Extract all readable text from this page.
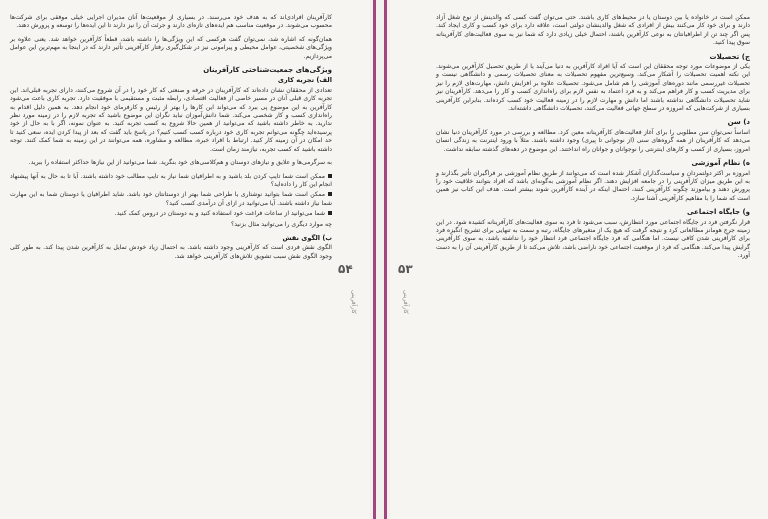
کارآفرینان افرادی‌اند که به هدف خود می‌رسند. در بسیاری از موقعیت‌ها آنان مدیران اجرایی خیلی موفقی برای شرکت‌ها محسوب می‌شوند. در موقعیت مناسب هم ایده‌های تازه‌ای دارند و جرئت آن را نیز دارند تا این ایده‌ها را توسعه و پرورش دهند.

همان‌گونه که اشاره شد، نمی‌توان گفت هرکسی که این ویژگی‌ها را داشته باشد، قطعاً کارآفرین خواهد شد. یعنی علاوه بر ویژگی‌های شخصیتی، عوامل محیطی و پیرامونی نیز در شکل‌گیری رفتار کارآفرینی تأثیر دارند که در اینجا به مهم‌ترین این عوامل می‌پردازیم.

ویژگی‌های جمعیت‌شناختی کارآفرینان
الف) تجربه کاری

تعدادی از محققان نشان داده‌اند که کارآفرینان در حرفه و صنعتی که کار خود را در آن شروع می‌کنند، دارای تجربه قبلی‌اند. این تجربه کاری قبلی آنان در مسیر خاصی از فعالیت اقتصادی، رابطه مثبت و مستقیمی با موفقیت دارد. تجربه کاری باعث می‌شود کارآفرین به این موضوع پی ببرد که می‌تواند این کارها را بهتر از رئیس و کارفرمای خود انجام دهد. به همین دلیل اقدام به راه‌اندازی کسب و کار شخصی می‌کند. شما دانش‌آموزان نباید نگران این موضوع باشید که تجربه لازم را در زمینه مورد نظر ندارید. به خاطر داشته باشید که می‌توانید از همین حالا شروع به کسب تجربه کنید. به عنوان نمونه، اگر با به حال از خود پرسیده‌اید چگونه می‌توانم تجربه کاری خود درباره کسب کسب کنیم؟ در پاسخ باید گفت که بعد از پیدا کردن ایده، سعی کنید تا حد امکان در آن زمینه کار کنید. ارتباط با افراد خبره، مطالعه و مشاوره، همه می‌توانند در این زمینه به شما کمک کنند. توجه داشته باشید که کسب تجربه، نیازمند زمان است.

به سرگرمی‌ها و علایق و نیازهای دوستان و هم‌کلاسی‌های خود بنگرید. شما می‌توانید از این نیازها حداکثر استفاده را ببرید.

ممکن است شما تایپ کردن بلد باشید و به اطرافیان شما نیاز به تایپ مطالب خود داشته باشند. آیا تا به حال به آنها پیشنهاد انجام این کار را داده‌اید؟
ممکن است شما بتوانید نوشتاری یا طراحی شما بهتر از دوستانتان خود باشد. شاید اطرافیان یا دوستان شما به این مهارت شما نیاز داشته باشند. آیا می‌توانید در ازای آن درآمدی کسب کنید؟
شما می‌توانید از ساعات فراغت خود استفاده کنید و به دوستان در دروس کمک کنید.

چه موارد دیگری را می‌توانید مثال بزنید؟

ب) الگوی نقش

الگوی نقش فردی است که کارآفرینی وجود داشته باشد. به احتمال زیاد خودش تمایل به کارآفرین شدن پیدا کند. به طور کلی وجود الگوی نقش سبب تشویق تلاش‌های کارآفرینی خواهد شد.

۵۴
کارآفرینی
۵۳
کارآفرینی

ممکن است در خانواده یا بین دوستان یا در محیط‌های کاری باشند. حتی می‌توان گفت کسی که والدینش از نوع شغل آزاد دارند و برای خود کار می‌کنند بیش از افرادی که شغل والدینشان دولتی است، علاقه دارد برای خود کسب و کاری ایجاد کند. پس اگر چند تن از اطرافیانتان به نوعی کارآفرین باشند، احتمال خیلی زیادی دارد که شما نیز به سوی فعالیت‌های کارآفرینانه سوق پیدا کنید.

ج) تحصیلات

یکی از موضوعات مورد توجه محققان این است که آیا افراد کارآفرین به دنیا می‌آیند یا از طریق تحصیل کارآفرین می‌شوند. این نکته اهمیت تحصیلات را آشکار می‌کند. وسیع‌ترین مفهوم تحصیلات به معنای تحصیلات رسمی و دانشگاهی نیست و تحصیلات غیررسمی مانند دوره‌های آموزشی را هم شامل می‌شود. تحصیلات علاوه بر افزایش دانش، مهارت‌های لازم را نیز برای مدیریت کسب و کار فراهم می‌کند و به فرد اعتماد به نفس لازم برای راه‌اندازی کسب و کار را می‌دهد. کارآفرینان نیز شاید تحصیلات دانشگاهی نداشته باشند اما دانش و مهارت لازم را در زمینه فعالیت خود کسب کرده‌اند. بنابراین کارآفرینی بسیاری از شرکت‌هایی که امروزه در سطح جهانی فعالیت می‌کنند، تحصیلات دانشگاهی داشته‌اند.

د) سن

اساساً نمی‌توان سن مطلوبی را برای آغاز فعالیت‌های کارآفرینانه معین کرد. مطالعه و بررسی در مورد کارآفرینان دنیا نشان می‌دهد که کارآفرینان از همه گروه‌های سنی (از نوجوانی تا پیری) وجود داشته باشند. مثلاً با ورود اینترنت به زندگی انسان امروز، بسیاری از کسب و کارهای اینترنتی را نوجوانان و جوانان راه انداختند. این موضوع در دهه‌های گذشته سابقه نداشت.

ه) نظام آموزشی

امروزه بر اکثر دولتمردان و سیاست‌گذاران آشکار شده است که می‌توانند از طریق نظام آموزشی بر فراگیران تأثیر بگذارند و به این طریق میزان کارآفرینی را در جامعه افزایش دهند. اگر نظام آموزشی به‌گونه‌ای باشد که افراد بتوانند خلاقیت خود را پرورش دهند و بیاموزند چگونه کارآفرینی کنند، احتمال اینکه در آینده کارآفرین شوند بیشتر است. هدف این کتاب نیز همین است که شما را با مفاهیم کارآفرینی آشنا سازد.

و) جایگاه اجتماعی

قرار نگرفتن فرد در جایگاه اجتماعی مورد انتظارش، سبب می‌شود تا فرد به سوی فعالیت‌های کارآفرینانه کشیده شود. در این زمینه جرج هومانز مطالعاتی کرد و نتیجه گرفت که هیچ یک از متغیرهای جایگاه، رتبه و سمت به تنهایی برای تشریح انگیزه فرد برای کارآفرینی شدن کافی نیست. اما هنگامی که فرد جایگاه اجتماعی فرد انتظار خود را نداشته باشد، به سوی کارآفرینی گرایش پیدا می‌کند. هنگامی که فرد از موقعیت اجتماعی خود ناراضی باشد، تلاش می‌کند تا از طریق کارآفرینی آن را به دست آورد.
